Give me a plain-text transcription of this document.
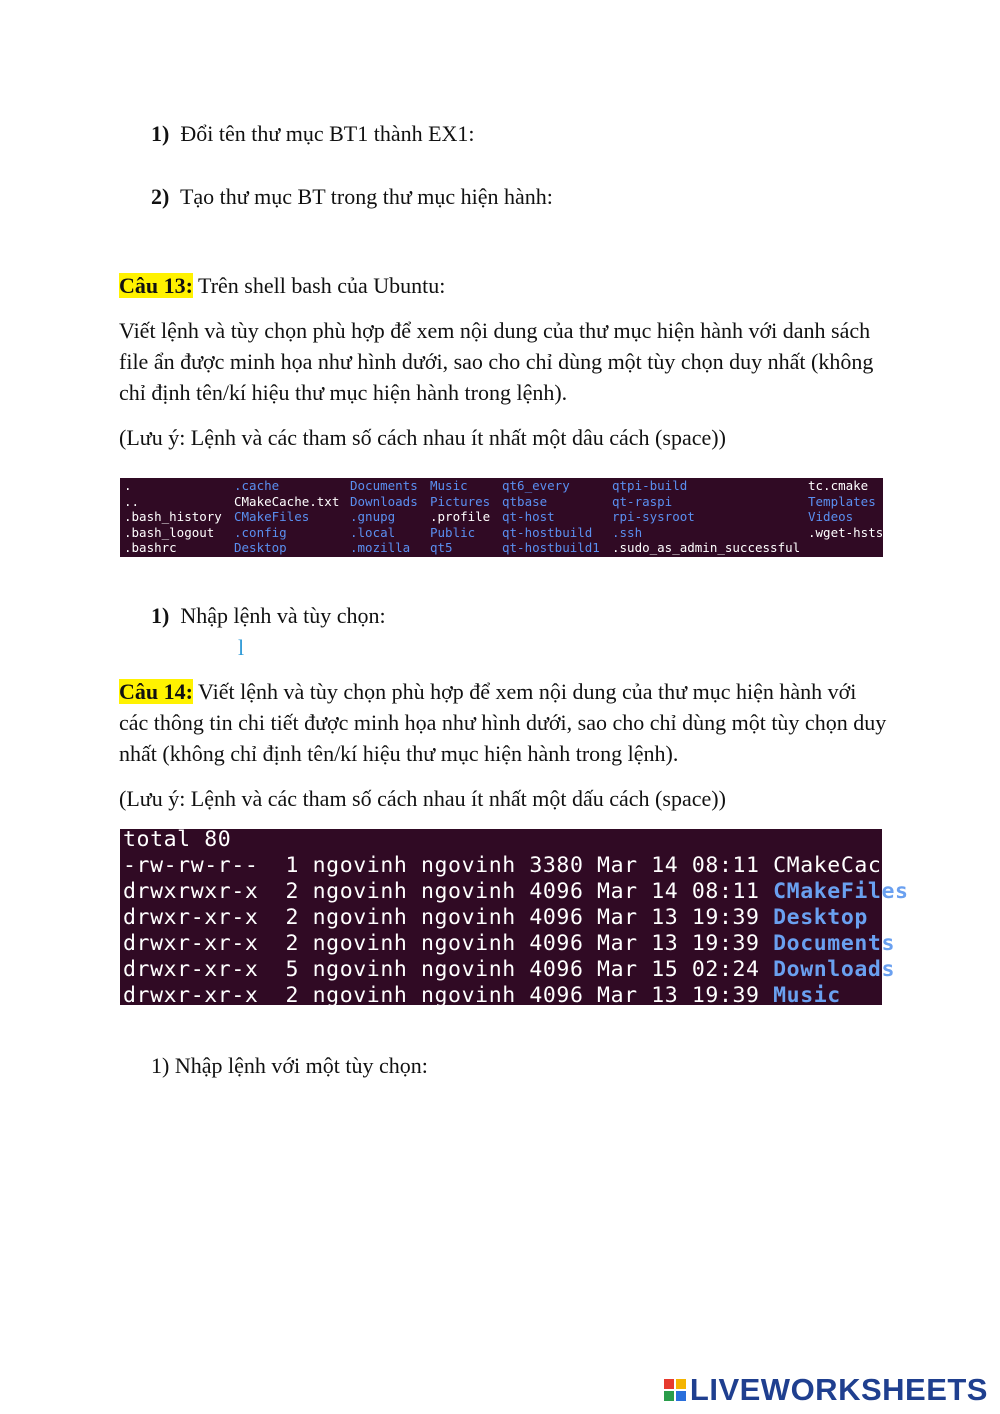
1) Đổi tên thư mục BT1 thành EX1:
2) Tạo thư mục BT trong thư mục hiện hành:
Câu 13: Trên shell bash của Ubuntu:
Viết lệnh và tùy chọn phù hợp để xem nội dung của thư mục hiện hành với danh sách file ẩn được minh họa như hình dưới, sao cho chỉ dùng một tùy chọn duy nhất (không chỉ định tên/kí hiệu thư mục hiện hành trong lệnh).
(Lưu ý: Lệnh và các tham số cách nhau ít nhất một dâu cách (space))
.
..
.bash_history
.bash_logout
.bashrc
.cache
CMakeCache.txt
CMakeFiles
.config
Desktop
Documents
Downloads
.gnupg
.local
.mozilla
Music
Pictures
.profile
Public
qt5
qt6_every
qtbase
qt-host
qt-hostbuild
qt-hostbuild1
qtpi-build
qt-raspi
rpi-sysroot
.ssh
.sudo_as_admin_successful
tc.cmake
Templates
Videos
.wget-hsts
1) Nhập lệnh và tùy chọn:
l
Câu 14: Viết lệnh và tùy chọn phù hợp để xem nội dung của thư mục hiện hành với các thông tin chi tiết được minh họa như hình dưới, sao cho chỉ dùng một tùy chọn duy nhất (không chỉ định tên/kí hiệu thư mục hiện hành trong lệnh).
(Lưu ý: Lệnh và các tham số cách nhau ít nhất một dấu cách (space))
total 80
-rw-rw-r--  1 ngovinh ngovinh 3380 Mar 14 08:11 CMakeCache.txt
drwxrwxr-x  2 ngovinh ngovinh 4096 Mar 14 08:11 CMakeFiles
drwxr-xr-x  2 ngovinh ngovinh 4096 Mar 13 19:39 Desktop
drwxr-xr-x  2 ngovinh ngovinh 4096 Mar 13 19:39 Documents
drwxr-xr-x  5 ngovinh ngovinh 4096 Mar 15 02:24 Downloads
drwxr-xr-x  2 ngovinh ngovinh 4096 Mar 13 19:39 Music
1) Nhập lệnh với một tùy chọn:
LIVEWORKSHEETS
